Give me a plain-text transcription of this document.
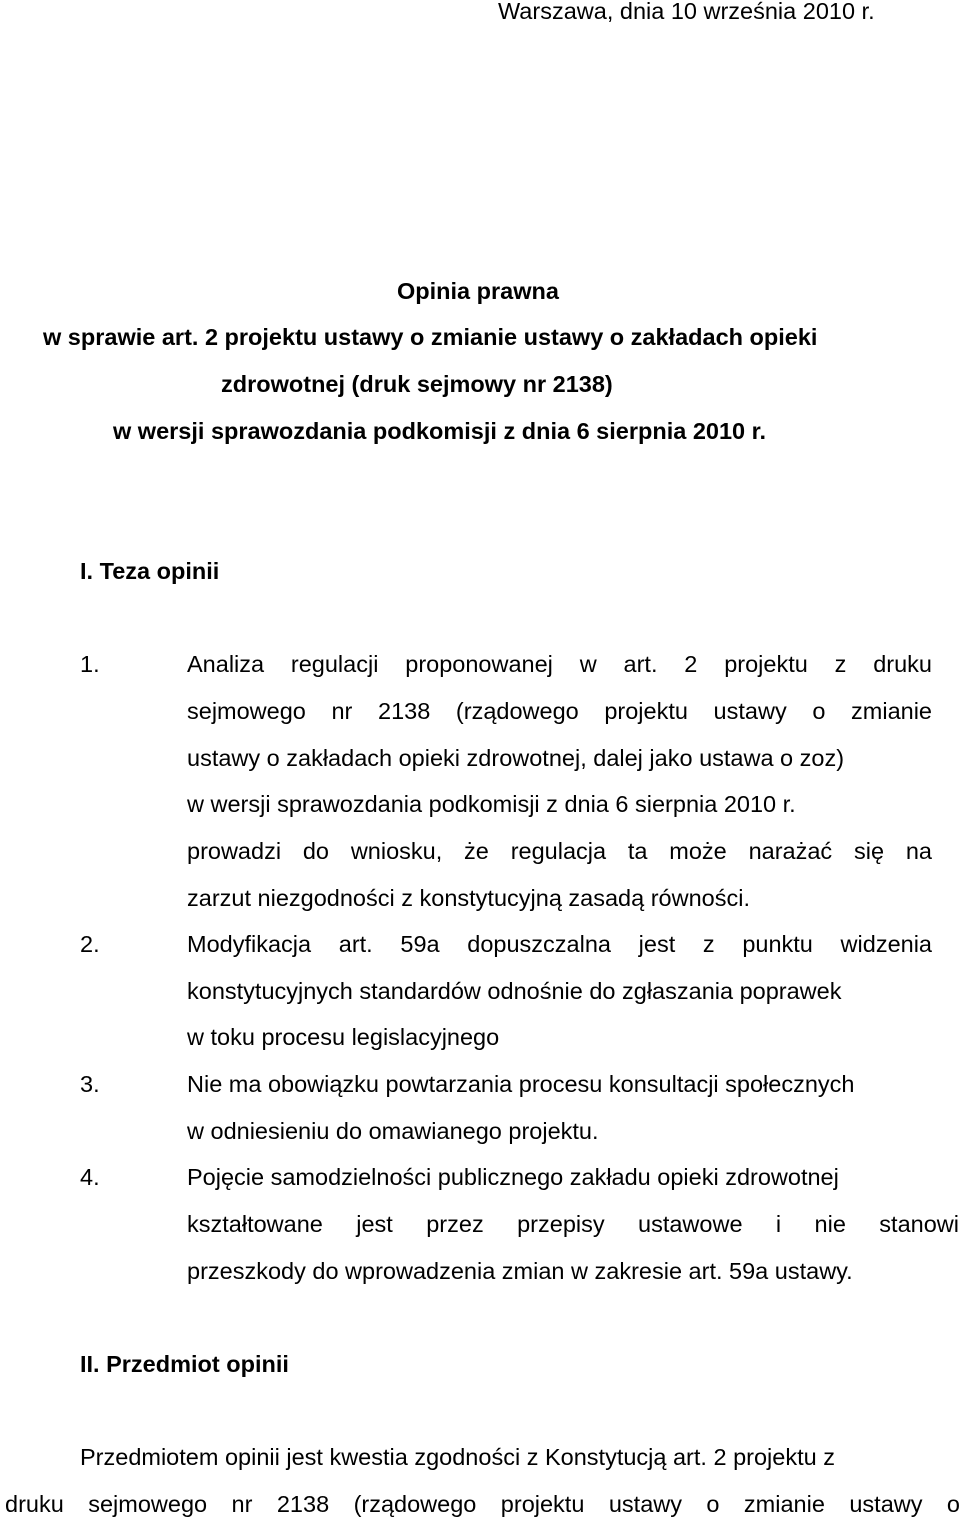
Warszawa, dnia 10 września 2010 r.
Opinia prawna
w sprawie art. 2 projektu ustawy o zmianie ustawy o zakładach opieki
zdrowotnej (druk sejmowy nr 2138)
w wersji sprawozdania podkomisji z dnia 6 sierpnia 2010 r.
I. Teza opinii
1.	Analiza regulacji proponowanej w art. 2 projektu z druku
sejmowego nr 2138 (rządowego projektu ustawy o zmianie
ustawy o zakładach opieki zdrowotnej, dalej jako ustawa o zoz)
w wersji sprawozdania podkomisji z dnia 6 sierpnia 2010 r.
prowadzi do wniosku, że regulacja ta może narażać się na
zarzut niezgodności z konstytucyjną zasadą równości.
2.	Modyfikacja art. 59a dopuszczalna jest z punktu widzenia
konstytucyjnych standardów odnośnie do zgłaszania poprawek
w toku procesu legislacyjnego
3.	Nie ma obowiązku powtarzania procesu konsultacji społecznych
w odniesieniu do omawianego projektu.
4.	Pojęcie samodzielności publicznego zakładu opieki zdrowotnej
kształtowane jest przez przepisy ustawowe i nie stanowi
przeszkody do wprowadzenia zmian w zakresie art. 59a ustawy.
II. Przedmiot opinii
Przedmiotem opinii jest kwestia zgodności z Konstytucją art. 2 projektu z
druku sejmowego nr 2138 (rządowego projektu ustawy o zmianie ustawy o
